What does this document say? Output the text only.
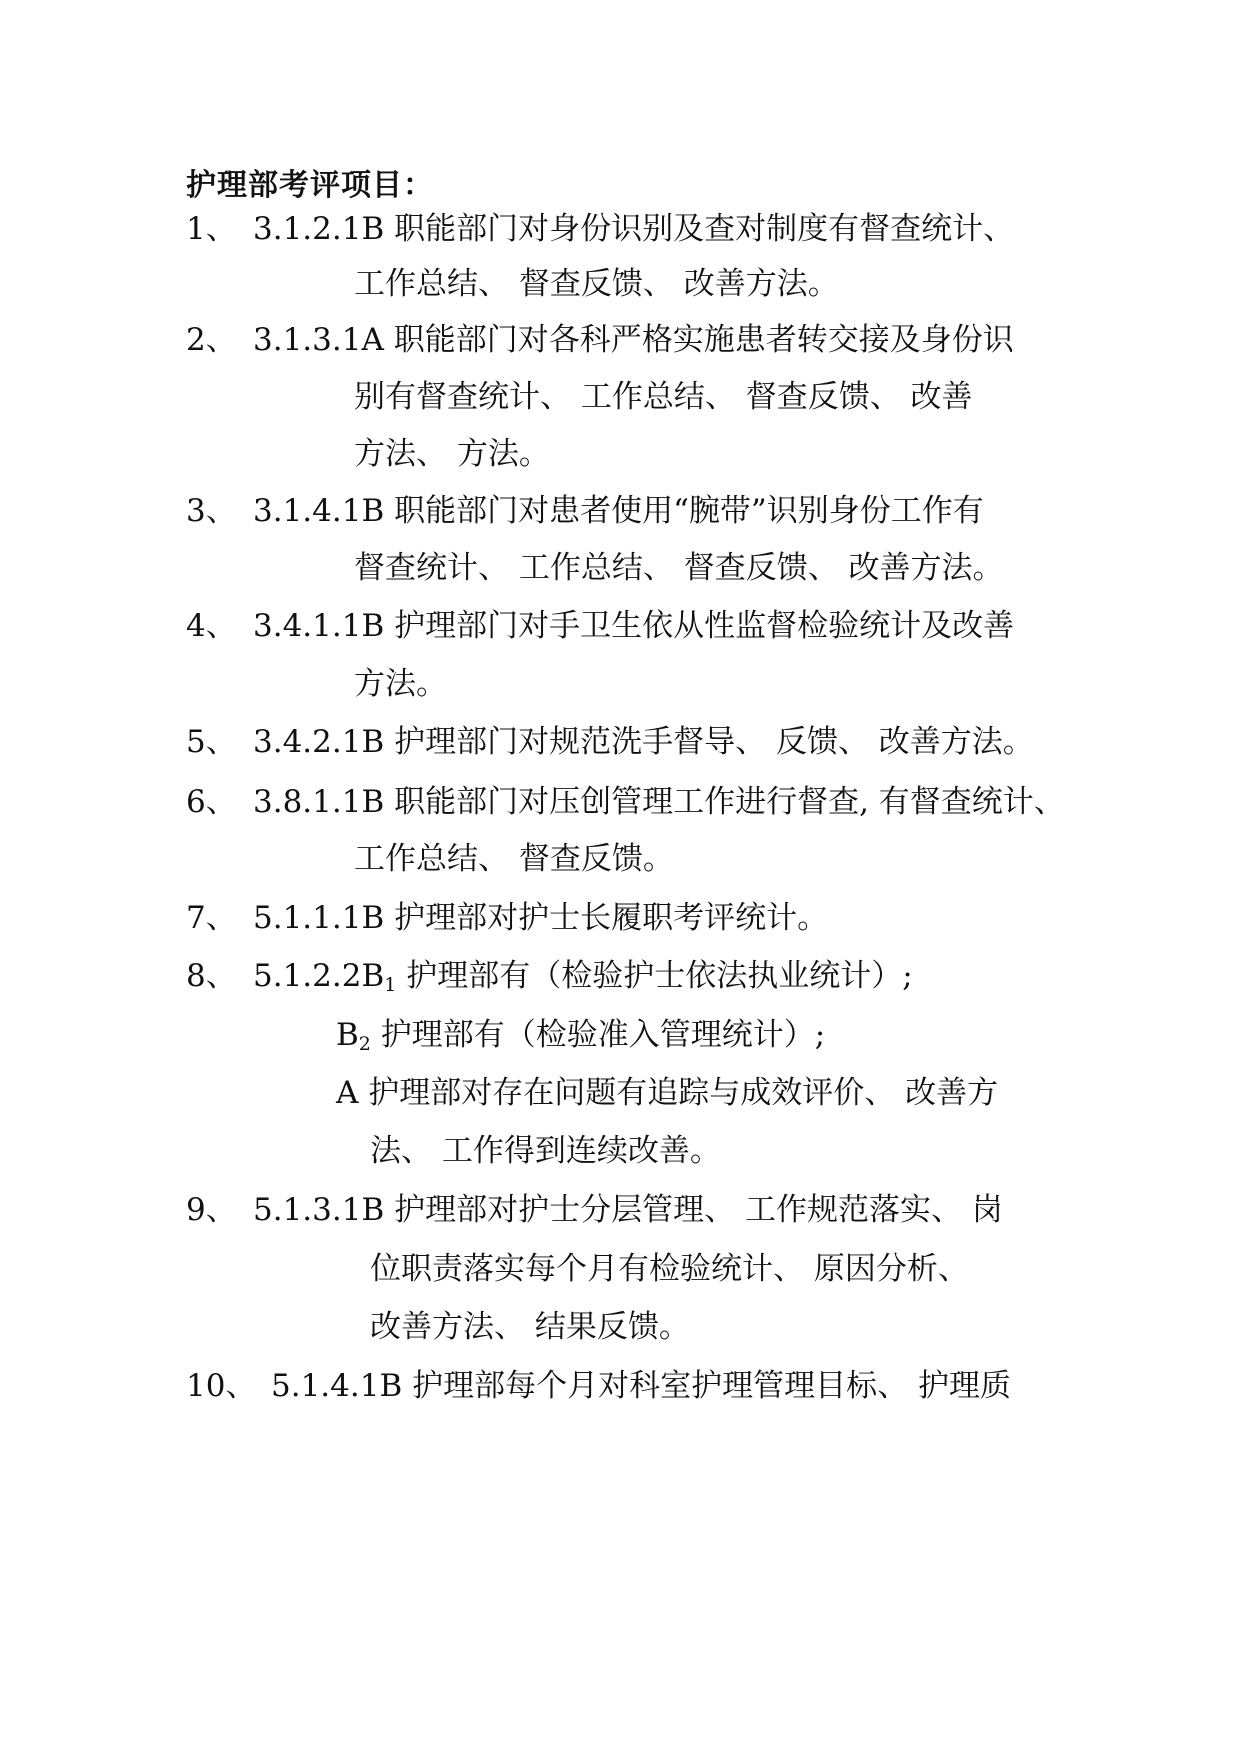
护理部考评项目：
1、 3.1.2.1B 职能部门对身份识别及查对制度有督查统计、
工作总结、 督查反馈、 改善方法。
2、 3.1.3.1A 职能部门对各科严格实施患者转交接及身份识
别有督查统计、 工作总结、 督查反馈、 改善
方法、 方法。
3、 3.1.4.1B 职能部门对患者使用“腕带”识别身份工作有
督查统计、 工作总结、 督查反馈、 改善方法。
4、 3.4.1.1B 护理部门对手卫生依从性监督检验统计及改善
方法。
5、 3.4.2.1B 护理部门对规范洗手督导、 反馈、 改善方法。
6、 3.8.1.1B 职能部门对压创管理工作进行督查, 有督查统计、
工作总结、 督查反馈。
7、 5.1.1.1B 护理部对护士长履职考评统计。
8、 $5.1.2.2B_1$ 护理部有（检验护士依法执业统计）;
$B_2$ 护理部有（检验准入管理统计）;
A 护理部对存在问题有追踪与成效评价、 改善方
法、 工作得到连续改善。
9、 5.1.3.1B 护理部对护士分层管理、 工作规范落实、 岗
位职责落实每个月有检验统计、 原因分析、
改善方法、 结果反馈。
10、 5.1.4.1B 护理部每个月对科室护理管理目标、 护理质
